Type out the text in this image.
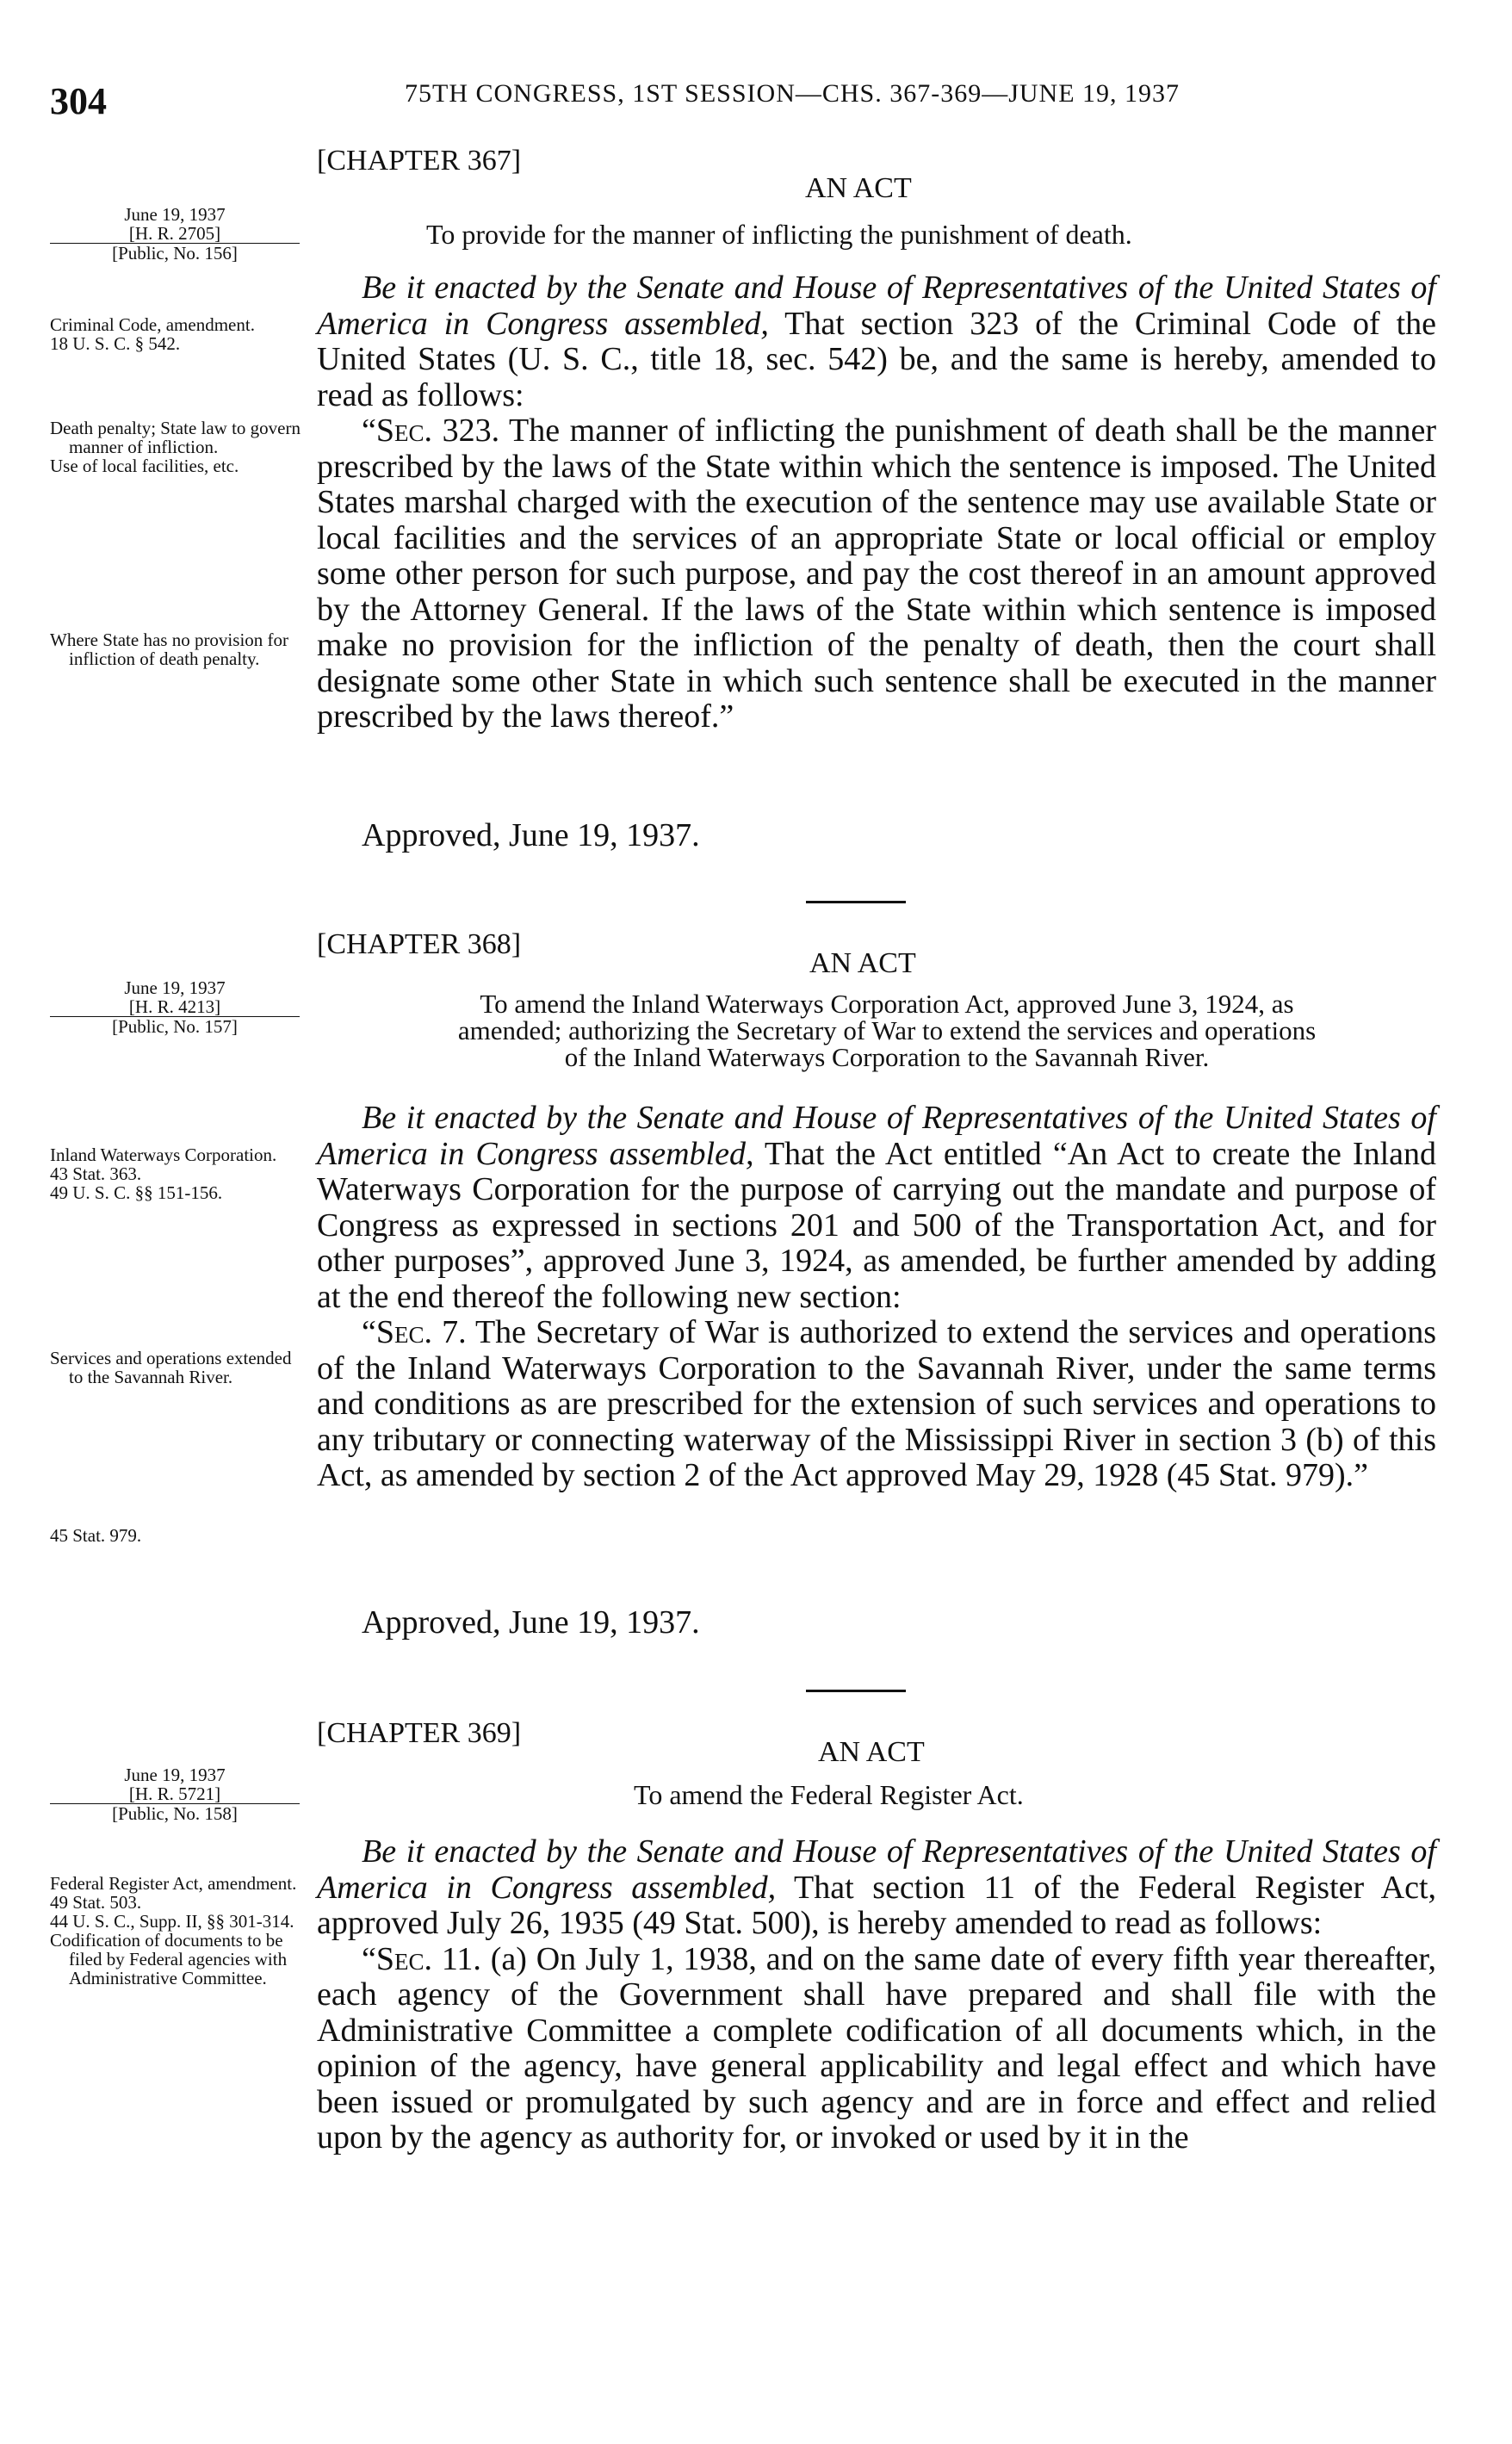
304	75TH CONGRESS, 1ST SESSION—CHS. 367-369—JUNE 19, 1937
[CHAPTER 367]
AN ACT
To provide for the manner of inflicting the punishment of death.
June 19, 1937
[H. R. 2705]
[Public, No. 156]

Be it enacted by the Senate and House of Representatives of the United States of America in Congress assembled, That section 323 of the Criminal Code of the United States (U. S. C., title 18, sec. 542) be, and the same is hereby, amended to read as follows:

“Sec. 323. The manner of inflicting the punishment of death shall be the manner prescribed by the laws of the State within which the sentence is imposed. The United States marshal charged with the execution of the sentence may use available State or local facilities and the services of an appropriate State or local official or employ some other person for such purpose, and pay the cost thereof in an amount approved by the Attorney General. If the laws of the State within which sentence is imposed make no provision for the infliction of the penalty of death, then the court shall designate some other State in which such sentence shall be executed in the manner prescribed by the laws thereof.”

Approved, June 19, 1937.

Criminal Code, amendment.

18 U. S. C. § 542.

Death penalty; State law to govern manner of infliction.

Use of local facilities, etc.

Where State has no provision for infliction of death penalty.

[CHAPTER 368]
AN ACT
To amend the Inland Waterways Corporation Act, approved June 3, 1924, as
amended; authorizing the Secretary of War to extend the services and operations
of the Inland Waterways Corporation to the Savannah River.
June 19, 1937
[H. R. 4213]
[Public, No. 157]

Be it enacted by the Senate and House of Representatives of the United States of America in Congress assembled, That the Act entitled “An Act to create the Inland Waterways Corporation for the purpose of carrying out the mandate and purpose of Congress as expressed in sections 201 and 500 of the Transportation Act, and for other purposes”, approved June 3, 1924, as amended, be further amended by adding at the end thereof the following new section:

“Sec. 7. The Secretary of War is authorized to extend the services and operations of the Inland Waterways Corporation to the Savannah River, under the same terms and conditions as are prescribed for the extension of such services and operations to any tributary or connecting waterway of the Mississippi River in section 3 (b) of this Act, as amended by section 2 of the Act approved May 29, 1928 (45 Stat. 979).”

Approved, June 19, 1937.

Inland Waterways Corporation.

43 Stat. 363.

49 U. S. C. §§ 151-156.

Services and operations extended to the Savannah River.

45 Stat. 979.

[CHAPTER 369]
AN ACT
To amend the Federal Register Act.
June 19, 1937
[H. R. 5721]
[Public, No. 158]

Be it enacted by the Senate and House of Representatives of the United States of America in Congress assembled, That section 11 of the Federal Register Act, approved July 26, 1935 (49 Stat. 500), is hereby amended to read as follows:

“Sec. 11. (a) On July 1, 1938, and on the same date of every fifth year thereafter, each agency of the Government shall have prepared and shall file with the Administrative Committee a complete codification of all documents which, in the opinion of the agency, have general applicability and legal effect and which have been issued or promulgated by such agency and are in force and effect and relied upon by the agency as authority for, or invoked or used by it in the

Federal Register Act, amendment.

49 Stat. 503.

44 U. S. C., Supp. II, §§ 301-314.

Codification of documents to be filed by Federal agencies with Administrative Committee.
